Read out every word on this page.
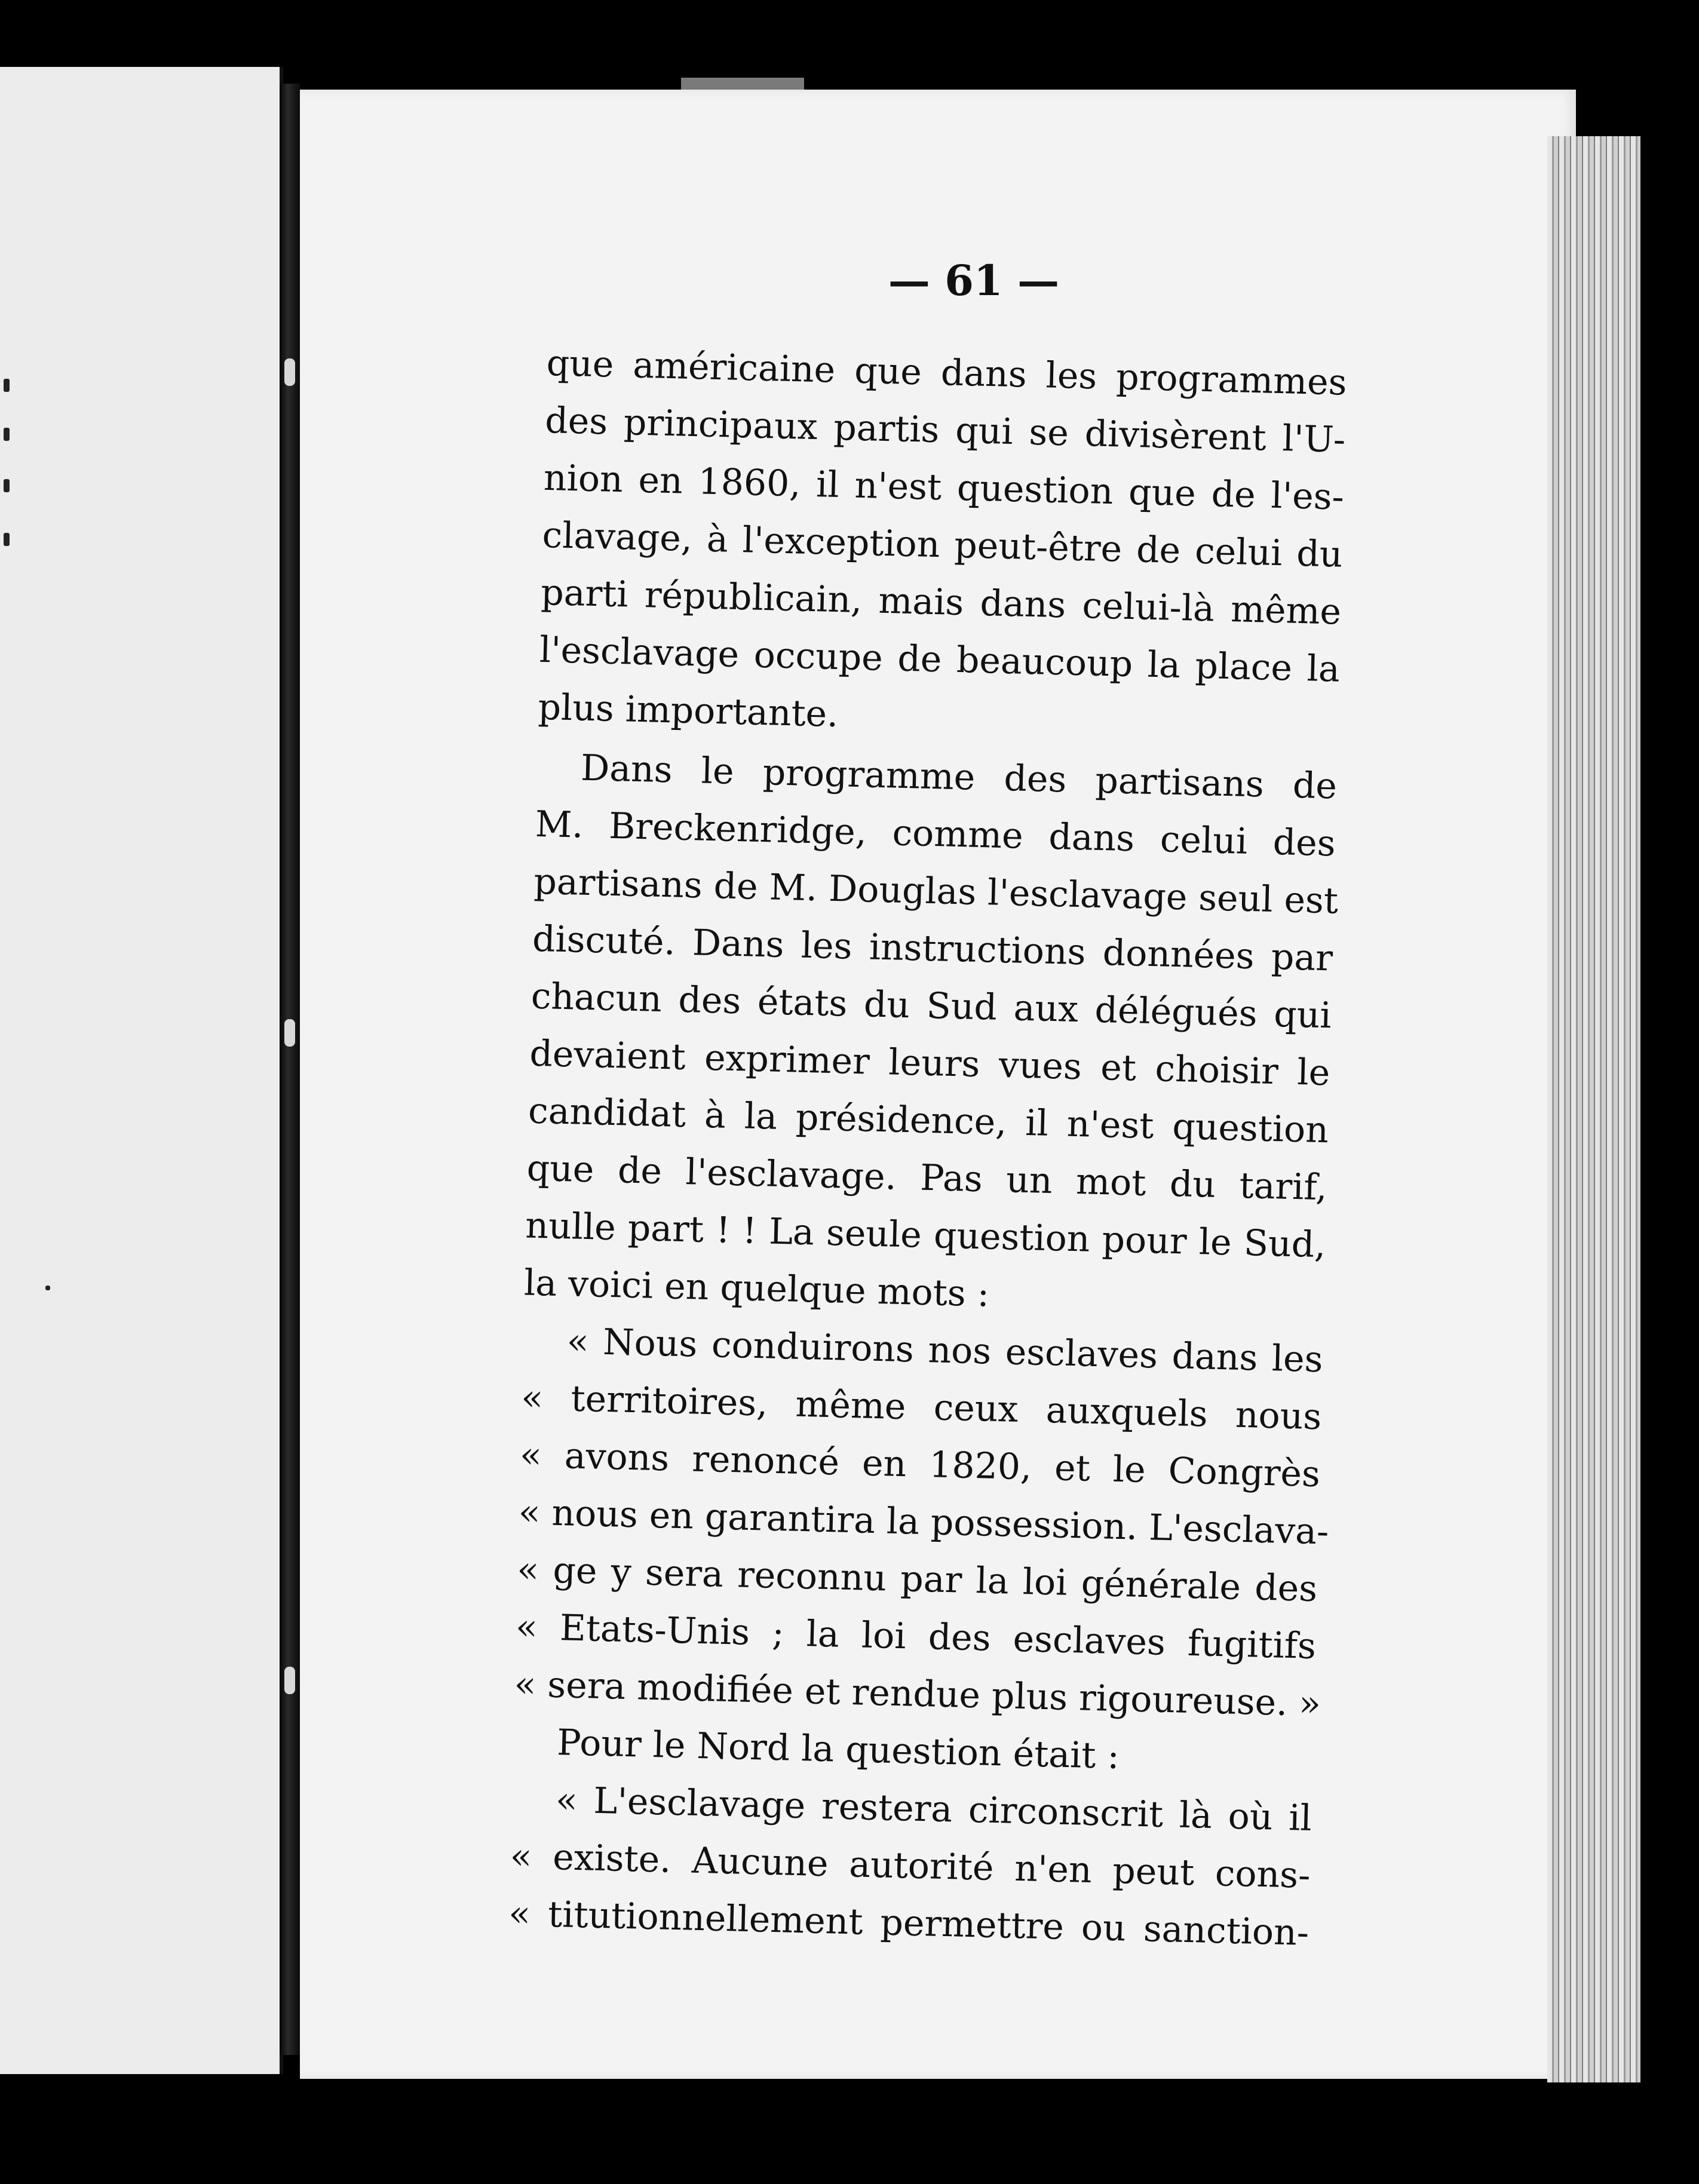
— 61 —
que américaine que dans les programmes
des principaux partis qui se divisèrent l'U-
nion en 1860, il n'est question que de l'es-
clavage, à l'exception peut-être de celui du
parti républicain, mais dans celui-là même
l'esclavage occupe de beaucoup la place la
plus importante.
Dans le programme des partisans de
M. Breckenridge, comme dans celui des
partisans de M. Douglas l'esclavage seul est
discuté. Dans les instructions données par
chacun des états du Sud aux délégués qui
devaient exprimer leurs vues et choisir le
candidat à la présidence, il n'est question
que de l'esclavage. Pas un mot du tarif,
nulle part ! ! La seule question pour le Sud,
la voici en quelque mots :
« Nous conduirons nos esclaves dans les
« territoires, même ceux auxquels nous
« avons renoncé en 1820, et le Congrès
« nous en garantira la possession. L'esclava-
« ge y sera reconnu par la loi générale des
« Etats-Unis ; la loi des esclaves fugitifs
« sera modifiée et rendue plus rigoureuse. »
Pour le Nord la question était :
« L'esclavage restera circonscrit là où il
« existe. Aucune autorité n'en peut cons-
« titutionnellement permettre ou sanction-
